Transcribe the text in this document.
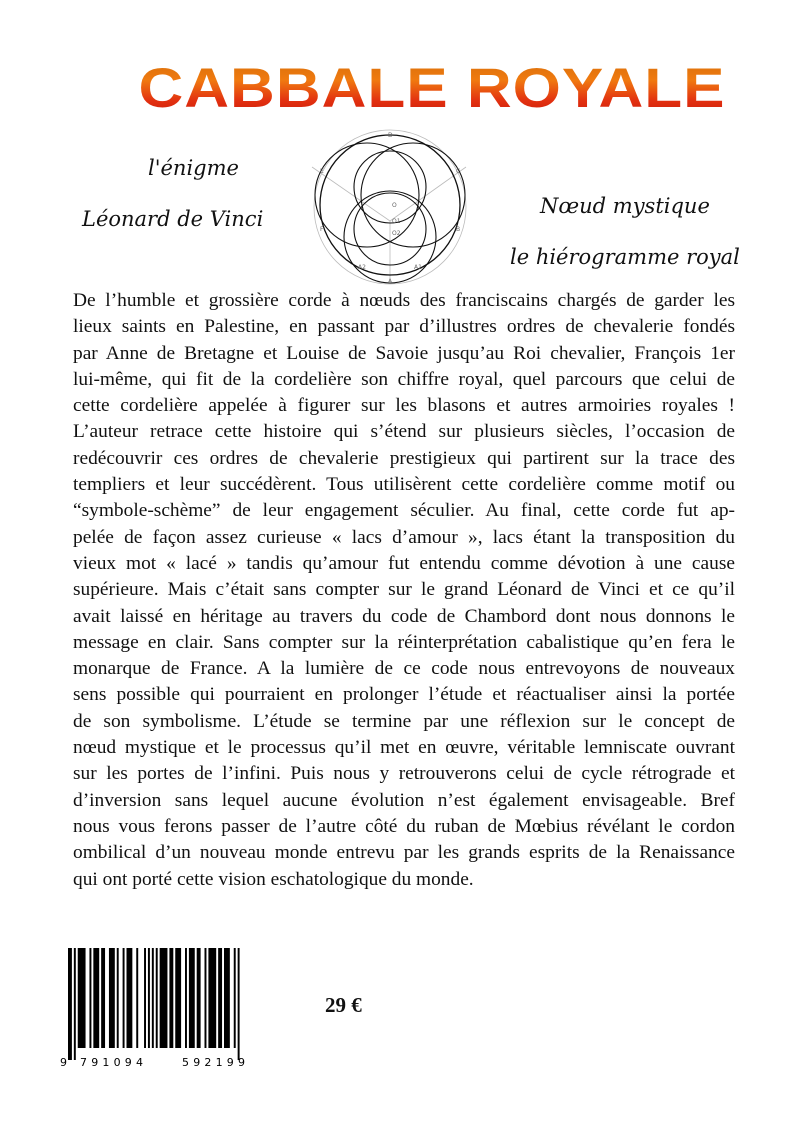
CABBALE ROYALE
l'énigme
Léonard de Vinci
Nœud mystique
le hiérogramme royal
D
E	C
F	B
A2	A1
A
O
O1
O2
De l’humble et grossière corde à nœuds des franciscains chargés de garder les
lieux saints en Palestine, en passant par d’illustres ordres de chevalerie fondés
par Anne de Bretagne et Louise de Savoie jusqu’au Roi chevalier, François 1er
lui-même, qui fit de la cordelière son chiffre royal, quel parcours que celui de
cette cordelière appelée à figurer sur les blasons et autres armoiries royales !
L’auteur retrace cette histoire qui s’étend sur plusieurs siècles, l’occasion de
redécouvrir ces ordres de chevalerie prestigieux qui partirent sur la trace des
templiers et leur succédèrent. Tous utilisèrent cette cordelière comme motif ou
“symbole-schème” de leur engagement séculier. Au final, cette corde fut ap-
pelée de façon assez curieuse « lacs d’amour », lacs étant la transposition du
vieux mot « lacé » tandis qu’amour fut entendu comme dévotion à une cause
supérieure. Mais c’était sans compter sur le grand Léonard de Vinci et ce qu’il
avait laissé en héritage au travers du code de Chambord dont nous donnons le
message en clair. Sans compter sur la réinterprétation cabalistique qu’en fera le
monarque de France. A la lumière de ce code nous entrevoyons de nouveaux
sens possible qui pourraient en prolonger l’étude et réactualiser ainsi la portée
de son symbolisme. L’étude se termine par une réflexion sur le concept de
nœud mystique et le processus qu’il met en œuvre, véritable lemniscate ouvrant
sur les portes de l’infini. Puis nous y retrouverons celui de cycle rétrograde et
d’inversion sans lequel aucune évolution n’est également envisageable. Bref
nous vous ferons passer de l’autre côté du ruban de Mœbius révélant le cordon
ombilical d’un nouveau monde entrevu par les grands esprits de la Renaissance
qui ont porté cette vision eschatologique du monde.
9 791094	592199
29 €
